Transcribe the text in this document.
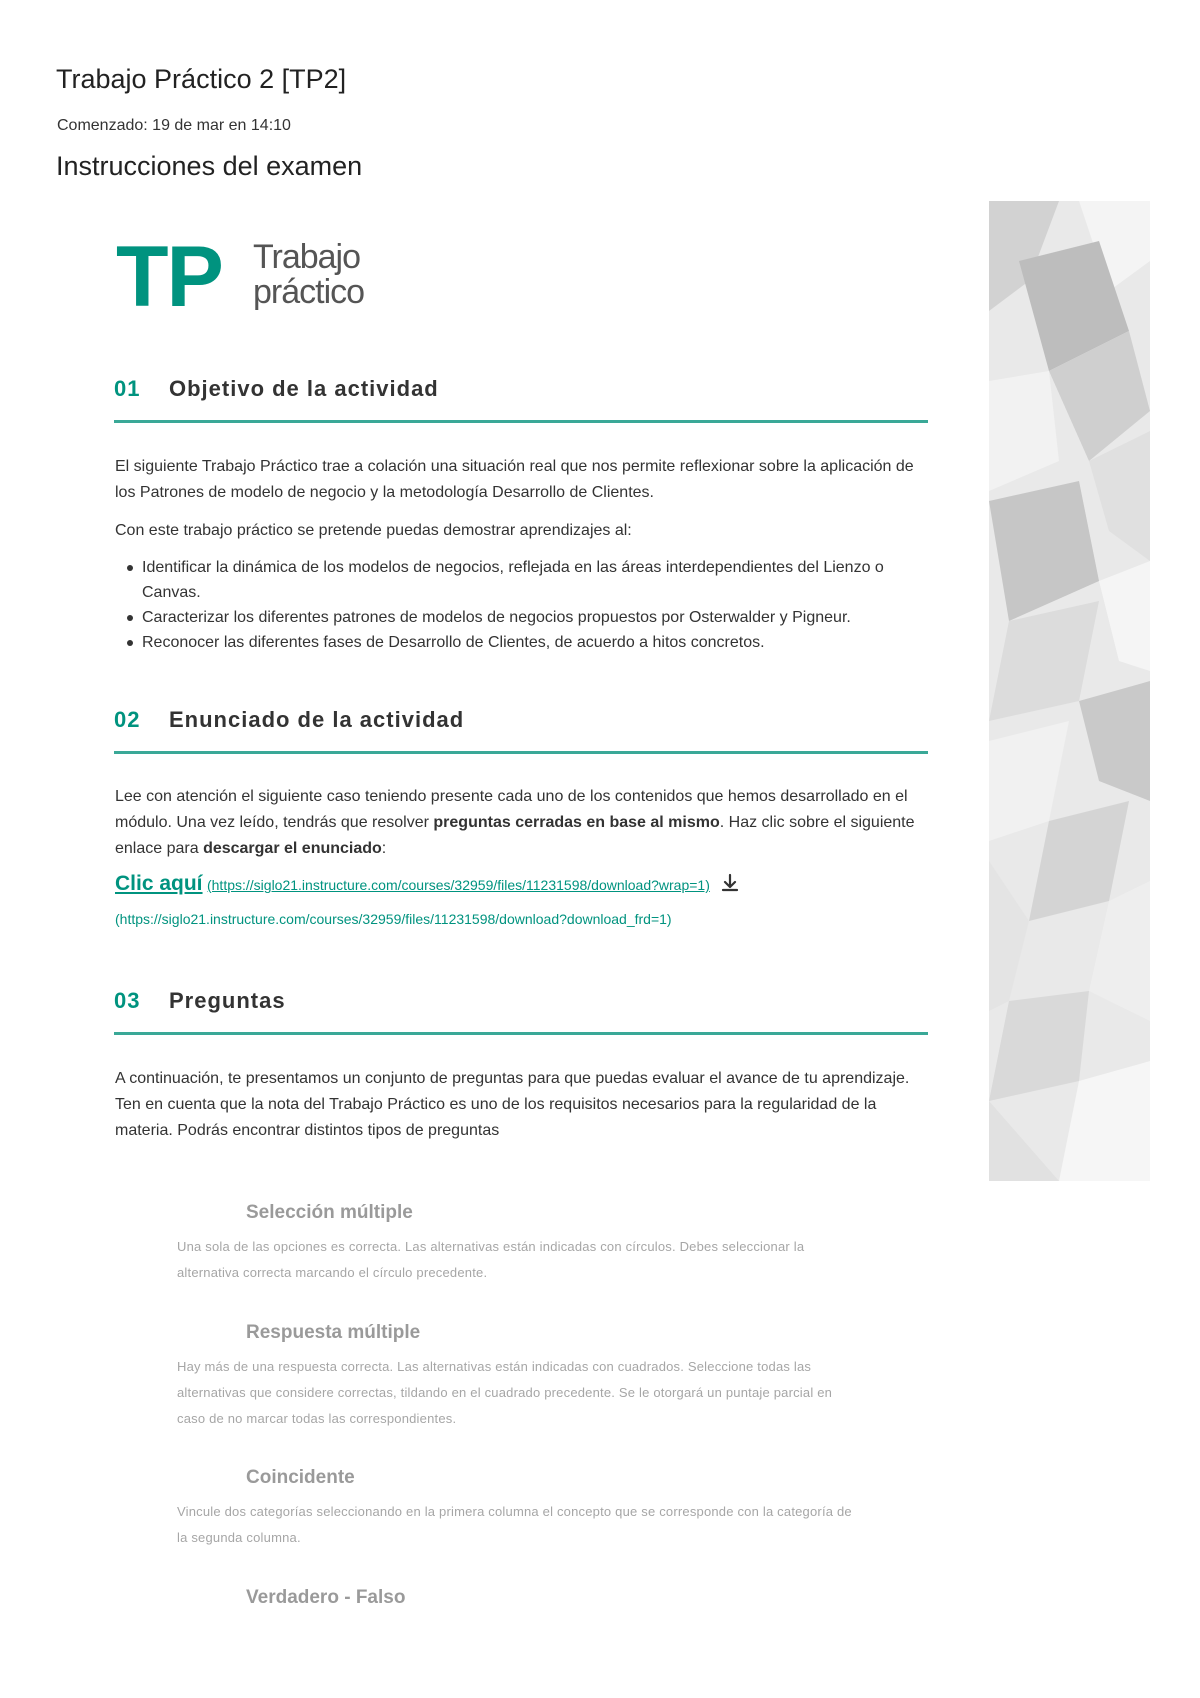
Trabajo Práctico 2 [TP2]
Comenzado: 19 de mar en 14:10
Instrucciones del examen
TP Trabajo
práctico
01 Objetivo de la actividad

El siguiente Trabajo Práctico trae a colación una situación real que nos permite reflexionar sobre la aplicación de los Patrones de modelo de negocio y la metodología Desarrollo de Clientes.

Con este trabajo práctico se pretende puedas demostrar aprendizajes al:

Identificar la dinámica de los modelos de negocios, reflejada en las áreas interdependientes del Lienzo o Canvas.
Caracterizar los diferentes patrones de modelos de negocios propuestos por Osterwalder y Pigneur.
Reconocer las diferentes fases de Desarrollo de Clientes, de acuerdo a hitos concretos.
02 Enunciado de la actividad

Lee con atención el siguiente caso teniendo presente cada uno de los contenidos que hemos desarrollado en el módulo. Una vez leído, tendrás que resolver preguntas cerradas en base al mismo. Haz clic sobre el siguiente enlace para descargar el enunciado:

Clic aquí (https://siglo21.instructure.com/courses/32959/files/11231598/download?wrap=1)
(https://siglo21.instructure.com/courses/32959/files/11231598/download?download_frd=1)
03 Preguntas

A continuación, te presentamos un conjunto de preguntas para que puedas evaluar el avance de tu aprendizaje. Ten en cuenta que la nota del Trabajo Práctico es uno de los requisitos necesarios para la regularidad de la materia. Podrás encontrar distintos tipos de preguntas

Selección múltiple

Una sola de las opciones es correcta. Las alternativas están indicadas con círculos. Debes seleccionar la alternativa correcta marcando el círculo precedente.

Respuesta múltiple

Hay más de una respuesta correcta. Las alternativas están indicadas con cuadrados. Seleccione todas las alternativas que considere correctas, tildando en el cuadrado precedente. Se le otorgará un puntaje parcial en caso de no marcar todas las correspondientes.

Coincidente

Vincule dos categorías seleccionando en la primera columna el concepto que se corresponde con la categoría de la segunda columna.

Verdadero - Falso
